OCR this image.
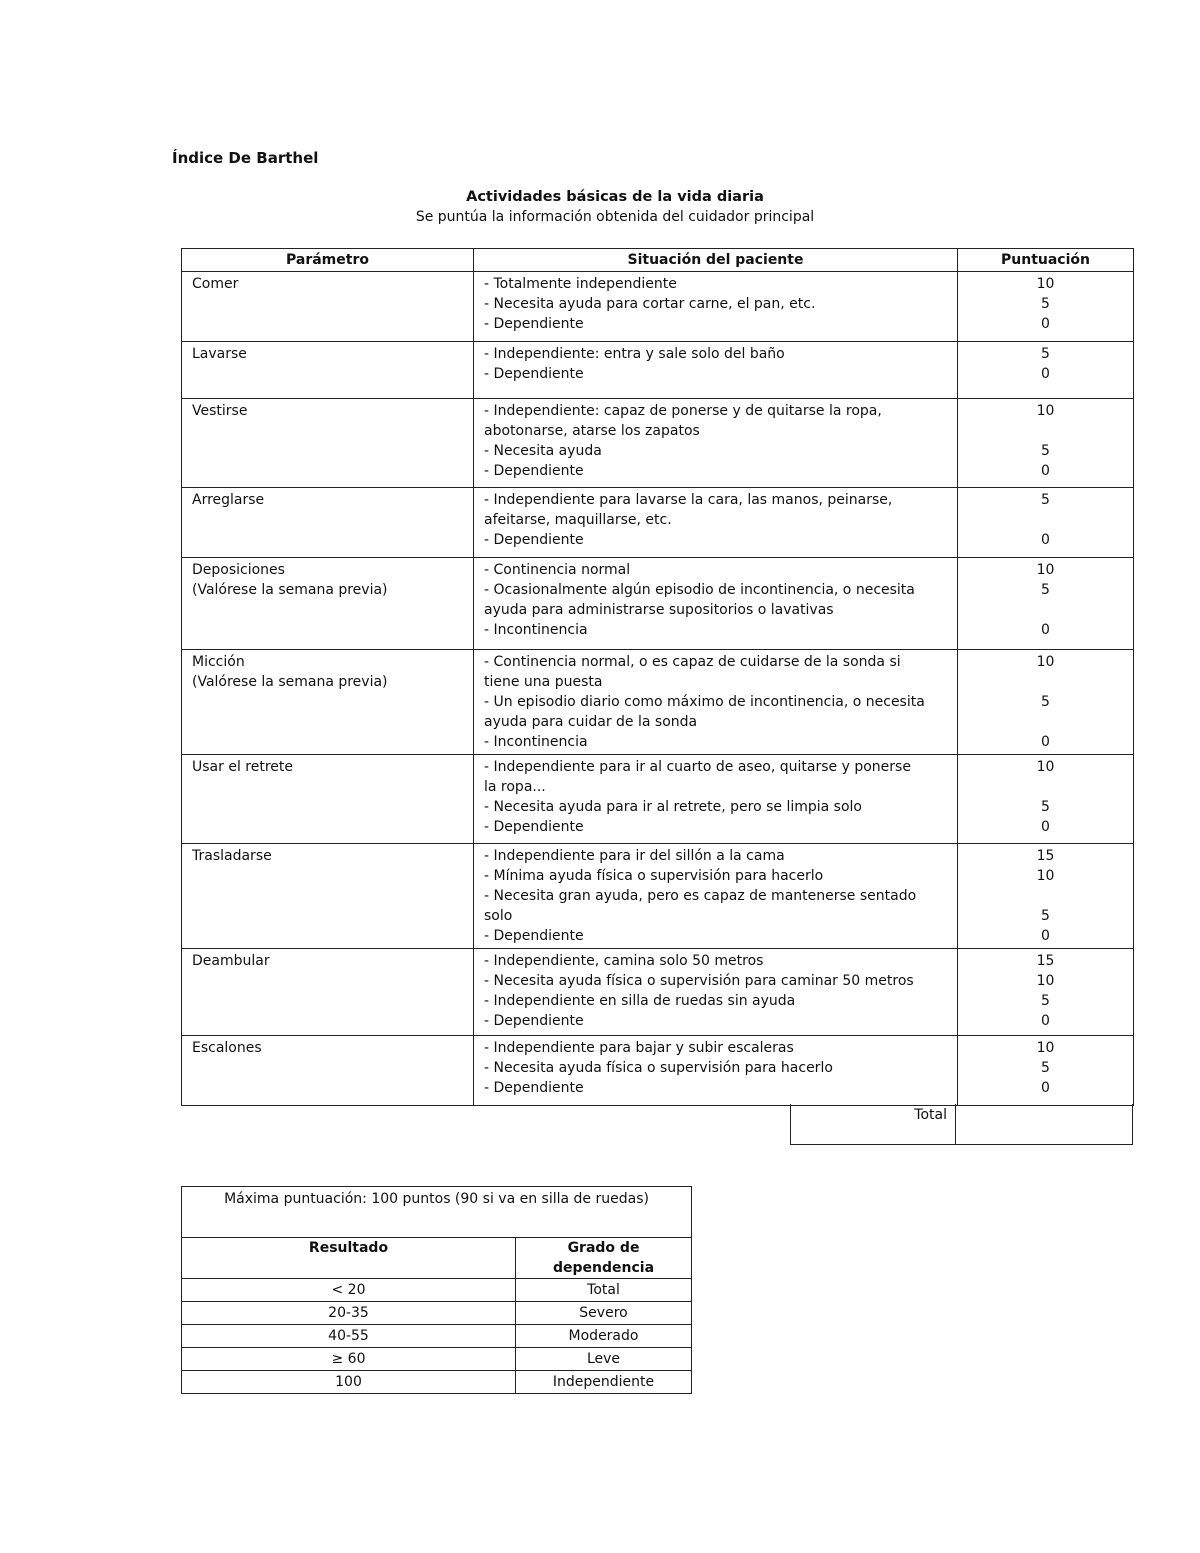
Índice De Barthel
Actividades básicas de la vida diaria

Se puntúa la información obtenida del cuidador principal

Parámetro	Situación del paciente	Puntuación

Comer	- Totalmente independiente
- Necesita ayuda para cortar carne, el pan, etc.
- Dependiente	10
5
0

Lavarse	- Independiente: entra y sale solo del baño
- Dependiente	5
0

Vestirse	- Independiente: capaz de ponerse y de quitarse la ropa,
abotonarse, atarse los zapatos
- Necesita ayuda
- Dependiente	10
5
0

Arreglarse	- Independiente para lavarse la cara, las manos, peinarse,
afeitarse, maquillarse, etc.
- Dependiente	5
0

Deposiciones
(Valórese la semana previa)	- Continencia normal
- Ocasionalmente algún episodio de incontinencia, o necesita
ayuda para administrarse supositorios o lavativas
- Incontinencia	10
5
0

Micción
(Valórese la semana previa)	- Continencia normal, o es capaz de cuidarse de la sonda si
tiene una puesta
- Un episodio diario como máximo de incontinencia, o necesita
ayuda para cuidar de la sonda
- Incontinencia	10
5
0

Usar el retrete	- Independiente para ir al cuarto de aseo, quitarse y ponerse
la ropa...
- Necesita ayuda para ir al retrete, pero se limpia solo
- Dependiente	10
5
0

Trasladarse	- Independiente para ir del sillón a la cama
- Mínima ayuda física o supervisión para hacerlo
- Necesita gran ayuda, pero es capaz de mantenerse sentado
solo
- Dependiente	15
10
5
0

Deambular	- Independiente, camina solo 50 metros
- Necesita ayuda física o supervisión para caminar 50 metros
- Independiente en silla de ruedas sin ayuda
- Dependiente	15
10
5
0

Escalones	- Independiente para bajar y subir escaleras
- Necesita ayuda física o supervisión para hacerlo
- Dependiente	10
5
0
Total
Máxima puntuación: 100 puntos (90 si va en silla de ruedas)	
Resultado	Grado de dependencia
< 20	Total
20-35	Severo
40-55	Moderado
≥ 60	Leve
100	Independiente
